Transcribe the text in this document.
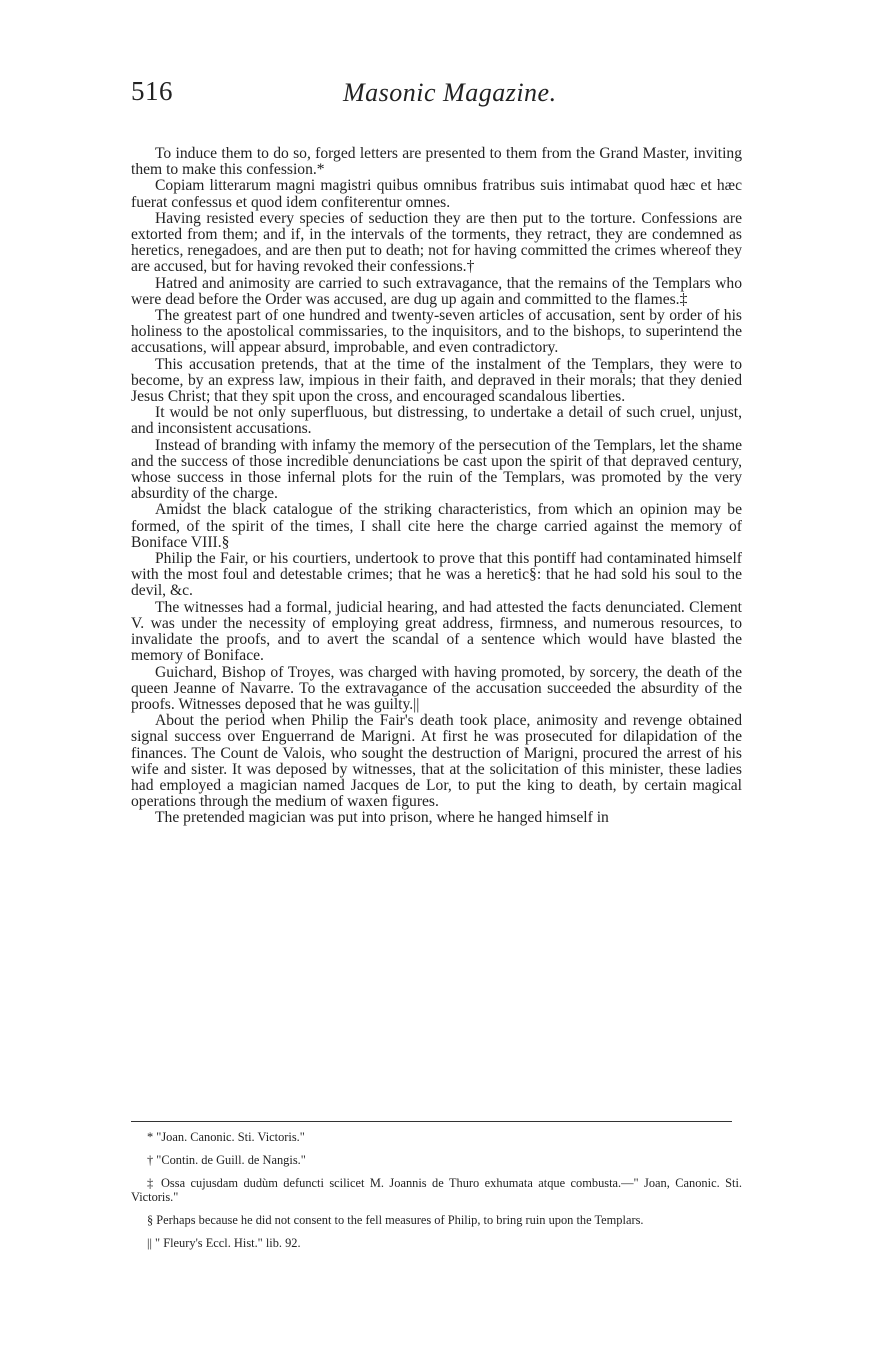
516	Masonic Magazine.

To induce them to do so, forged letters are presented to them from the Grand Master, inviting them to make this confession.*

Copiam litterarum magni magistri quibus omnibus fratribus suis intimabat quod hæc et hæc fuerat confessus et quod idem confiterentur omnes.

Having resisted every species of seduction they are then put to the torture. Confessions are extorted from them; and if, in the intervals of the torments, they retract, they are condemned as heretics, renegadoes, and are then put to death; not for having committed the crimes whereof they are accused, but for having revoked their confessions.†

Hatred and animosity are carried to such extravagance, that the remains of the Templars who were dead before the Order was accused, are dug up again and committed to the flames.‡

The greatest part of one hundred and twenty-seven articles of accusation, sent by order of his holiness to the apostolical commissaries, to the inquisitors, and to the bishops, to superintend the accusations, will appear absurd, improbable, and even contradictory.

This accusation pretends, that at the time of the instalment of the Templars, they were to become, by an express law, impious in their faith, and depraved in their morals; that they denied Jesus Christ; that they spit upon the cross, and encouraged scandalous liberties.

It would be not only superfluous, but distressing, to undertake a detail of such cruel, unjust, and inconsistent accusations.

Instead of branding with infamy the memory of the persecution of the Templars, let the shame and the success of those incredible denunciations be cast upon the spirit of that depraved century, whose success in those infernal plots for the ruin of the Templars, was promoted by the very absurdity of the charge.

Amidst the black catalogue of the striking characteristics, from which an opinion may be formed, of the spirit of the times, I shall cite here the charge carried against the memory of Boniface VIII.§

Philip the Fair, or his courtiers, undertook to prove that this pontiff had contaminated himself with the most foul and detestable crimes; that he was a heretic§: that he had sold his soul to the devil, &c.

The witnesses had a formal, judicial hearing, and had attested the facts denunciated. Clement V. was under the necessity of employing great address, firmness, and numerous resources, to invalidate the proofs, and to avert the scandal of a sentence which would have blasted the memory of Boniface.

Guichard, Bishop of Troyes, was charged with having promoted, by sorcery, the death of the queen Jeanne of Navarre. To the extravagance of the accusation succeeded the absurdity of the proofs. Witnesses deposed that he was guilty.||

About the period when Philip the Fair's death took place, animosity and revenge obtained signal success over Enguerrand de Marigni. At first he was prosecuted for dilapidation of the finances. The Count de Valois, who sought the destruction of Marigni, procured the arrest of his wife and sister. It was deposed by witnesses, that at the solicitation of this minister, these ladies had employed a magician named Jacques de Lor, to put the king to death, by certain magical operations through the medium of waxen figures.

The pretended magician was put into prison, where he hanged himself in

* "Joan. Canonic. Sti. Victoris."

† "Contin. de Guill. de Nangis."

‡ Ossa cujusdam dudùm defuncti scilicet M. Joannis de Thuro exhumata atque combusta.—" Joan, Canonic. Sti. Victoris."

§ Perhaps because he did not consent to the fell measures of Philip, to bring ruin upon the Templars.

|| " Fleury's Eccl. Hist." lib. 92.
